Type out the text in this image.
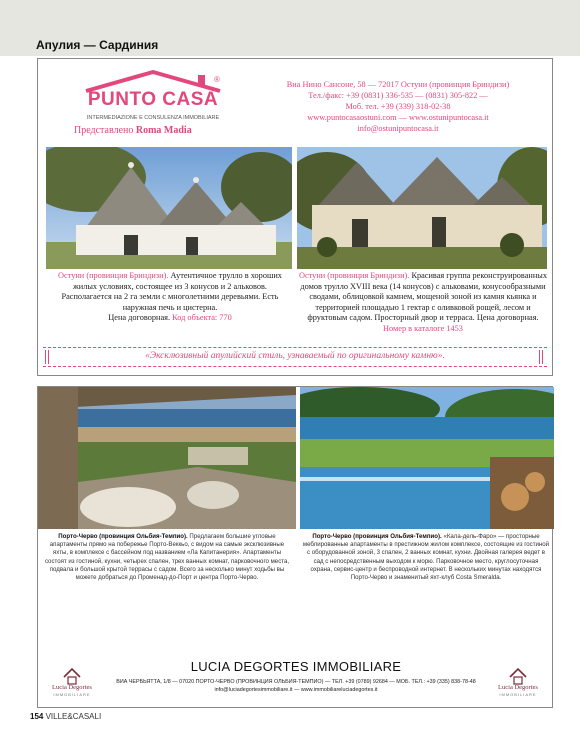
Апулия — Сардиния
PUNTO CASA
INTERMEDIAZIONE E CONSULENZA IMMOBILIARE
®
Представлено Roma Madia
Виа Нино Сансоне, 58 — 72017 Остуни (провинция Бриндизи)
Тел./факс: +39 (0831) 336-535 — (0831) 305-822 —
Моб. тел. +39 (339) 318-02-38
www.puntocasaostuni.com — www.ostunipuntocasa.it
info@ostunipuntocasa.it
Остуни (провинция Бриндизи). Аутентичное трулло в хороших жилых условиях, состоящее из 3 конусов и 2 альковов. Располагается на 2 га земли с многолетними деревьями. Есть наружная печь и цистерна.
Цена договорная. Код объекта: 770
Остуни (провинция Бриндизи). Красивая группа реконструированных домов трулло XVIII века (14 конусов) с альковами, конусообразными сводами, облицовкой камнем, мощеной зоной из камня кьянка и территорией площадью 1 гектар с оливковой рощей, лесом и фруктовым садом. Просторный двор и терраса. Цена договорная.
Номер в каталоге 1453
«Эксклюзивный апулийский стиль, узнаваемый по оригинальному камню».
Порто-Черво (провинция Ольбия-Темпио). Предлагаем большие угловые апартаменты прямо на побережье Порто-Веккьо, с видом на самые эксклюзивные яхты, в комплексе с бассейном под названием «Ла Капитанерия». Апартаменты состоят из гостиной, кухни, четырех спален, трех ванных комнат, парковочного места, подвала и большой крытой террасы с садом. Всего за несколько минут ходьбы вы можете добраться до Променад-до-Порт и центра Порто-Черво.
Порто-Черво (провинция Ольбия-Темпио). «Кала-дель-Фаро» — просторные меблированные апартаменты в престижном жилом комплексе, состоящие из гостиной с оборудованной зоной, 3 спален, 2 ванных комнат, кухни. Двойная галерея ведет в сад с непосредственным выходом к морю. Парковочное место, круглосуточная охрана, сервис-центр и беспроводной интернет. В нескольких минутах находятся Порто-Черво и знаменитый яхт-клуб Costa Smeralda.
Lucia Degortes
IMMOBILIARE
LUCIA DEGORTES IMMOBILIARE
ВИА ЧЕРБЬЯТТА, 1/8 — 07020 ПОРТО-ЧЕРВО (ПРОВИНЦИЯ ОЛЬБИЯ-ТЕМПИО) — ТЕЛ. +39 (0789) 92684 — МОБ. ТЕЛ.: +39 (335) 838-78-48
info@luciadegortesimmobiliare.it — www.immobiliareluciadegortes.it	Lucia Degortes
IMMOBILIARE
154 VILLE&CASALI
